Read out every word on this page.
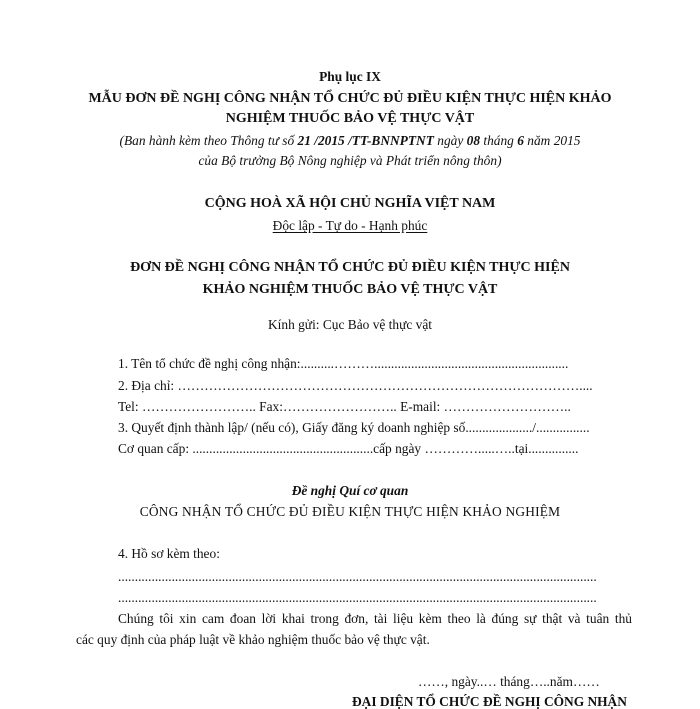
Phụ lục IX
MẪU ĐƠN ĐỀ NGHỊ CÔNG NHẬN TỔ CHỨC ĐỦ ĐIỀU KIỆN THỰC HIỆN KHẢO
NGHIỆM THUỐC BẢO VỆ THỰC VẬT
(Ban hành kèm theo Thông tư số 21 /2015 /TT-BNNPTNT ngày 08 tháng 6 năm 2015
của Bộ trưởng Bộ Nông nghiệp và Phát triển nông thôn)
CỘNG HOÀ XÃ HỘI CHỦ NGHĨA VIỆT NAM
Độc lập - Tự do - Hạnh phúc
ĐƠN ĐỀ NGHỊ CÔNG NHẬN TỔ CHỨC ĐỦ ĐIỀU KIỆN THỰC HIỆN
KHẢO NGHIỆM THUỐC BẢO VỆ THỰC VẬT
Kính gửi: Cục Bảo vệ thực vật
1. Tên tổ chức đề nghị công nhận:..........………..........................................................
2. Địa chỉ: ………………………………………………………………………………....
Tel: …………………….. Fax:…………………….. E-mail: ………………………..
3. Quyết định thành lập/ (nếu có), Giấy đăng ký doanh nghiệp số..................../................
Cơ quan cấp: ......................................................cấp ngày ………….....…..tại...............
Đề nghị Quí cơ quan
CÔNG NHẬN TỔ CHỨC ĐỦ ĐIỀU KIỆN THỰC HIỆN KHẢO NGHIỆM
4. Hồ sơ kèm theo:
...............................................................................................................................................
...............................................................................................................................................
Chúng tôi xin cam đoan lời khai trong đơn, tài liệu kèm theo là đúng sự thật và tuân thủ
các quy định của pháp luật về khảo nghiệm thuốc bảo vệ thực vật.
……, ngày..… tháng…..năm……
ĐẠI DIỆN TỔ CHỨC ĐỀ NGHỊ CÔNG NHẬN
